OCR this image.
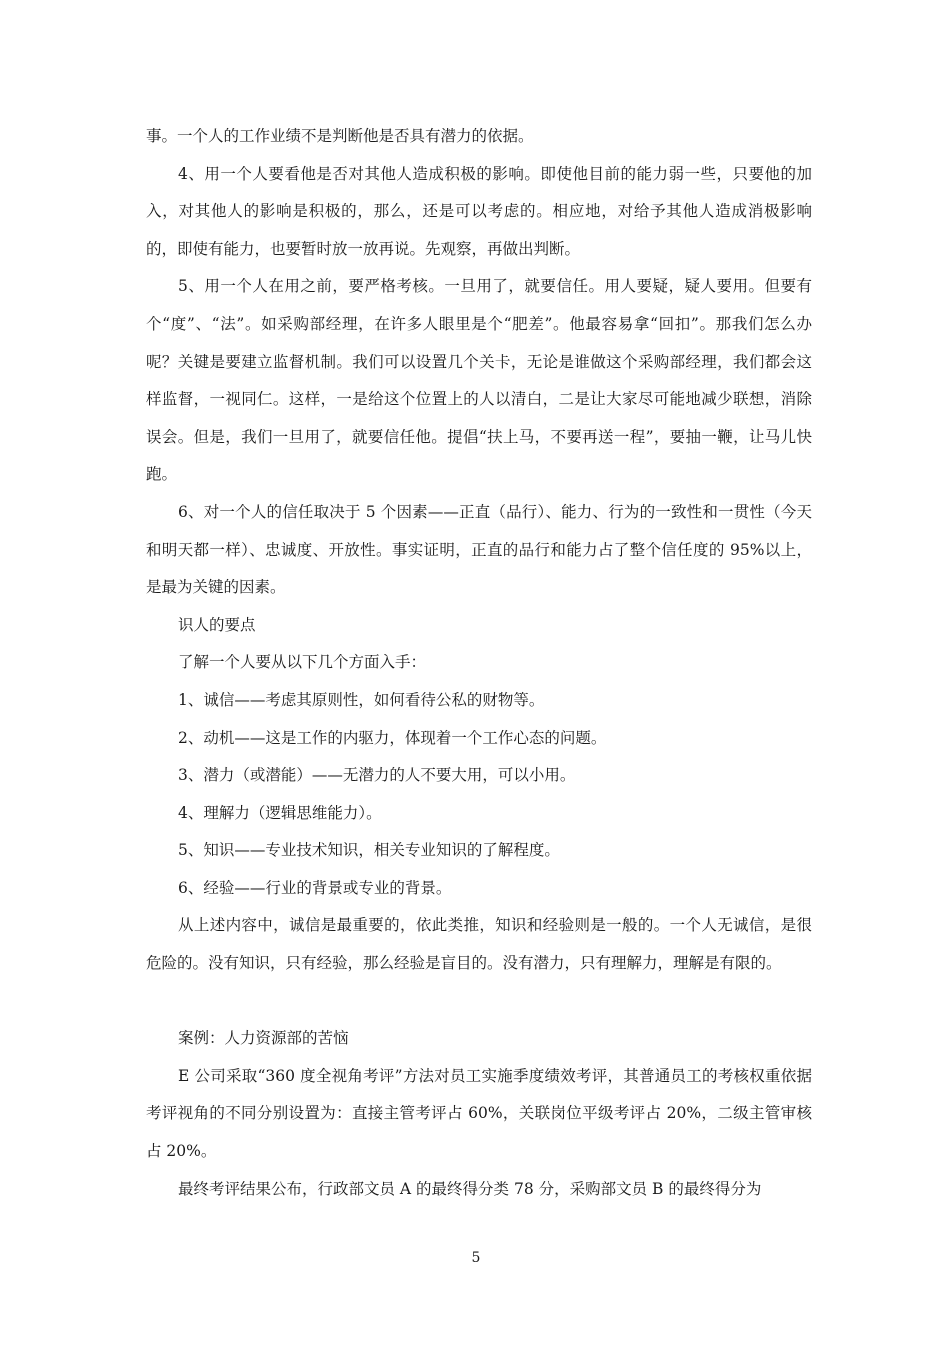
事。一个人的工作业绩不是判断他是否具有潜力的依据。

4、用一个人要看他是否对其他人造成积极的影响。即使他目前的能力弱一些，只要他的加入，对其他人的影响是积极的，那么，还是可以考虑的。相应地，对给予其他人造成消极影响的，即使有能力，也要暂时放一放再说。先观察，再做出判断。

5、用一个人在用之前，要严格考核。一旦用了，就要信任。用人要疑，疑人要用。但要有个“度”、“法”。如采购部经理，在许多人眼里是个“肥差”。他最容易拿“回扣”。那我们怎么办呢？关键是要建立监督机制。我们可以设置几个关卡，无论是谁做这个采购部经理，我们都会这样监督，一视同仁。这样，一是给这个位置上的人以清白，二是让大家尽可能地减少联想，消除误会。但是，我们一旦用了，就要信任他。提倡“扶上马，不要再送一程”，要抽一鞭，让马儿快跑。

6、对一个人的信任取决于 5 个因素——正直（品行）、能力、行为的一致性和一贯性（今天和明天都一样）、忠诚度、开放性。事实证明，正直的品行和能力占了整个信任度的 95%以上，是最为关键的因素。

识人的要点

了解一个人要从以下几个方面入手：

1、诚信——考虑其原则性，如何看待公私的财物等。

2、动机——这是工作的内驱力，体现着一个工作心态的问题。

3、潜力（或潜能）——无潜力的人不要大用，可以小用。

4、理解力（逻辑思维能力）。

5、知识——专业技术知识，相关专业知识的了解程度。

6、经验——行业的背景或专业的背景。

从上述内容中，诚信是最重要的，依此类推，知识和经验则是一般的。一个人无诚信，是很危险的。没有知识，只有经验，那么经验是盲目的。没有潜力，只有理解力，理解是有限的。

案例：人力资源部的苦恼

E 公司采取“360 度全视角考评”方法对员工实施季度绩效考评，其普通员工的考核权重依据考评视角的不同分别设置为：直接主管考评占 60%，关联岗位平级考评占 20%，二级主管审核占 20%。

最终考评结果公布，行政部文员 A 的最终得分类 78 分，采购部文员 B 的最终得分为

5
